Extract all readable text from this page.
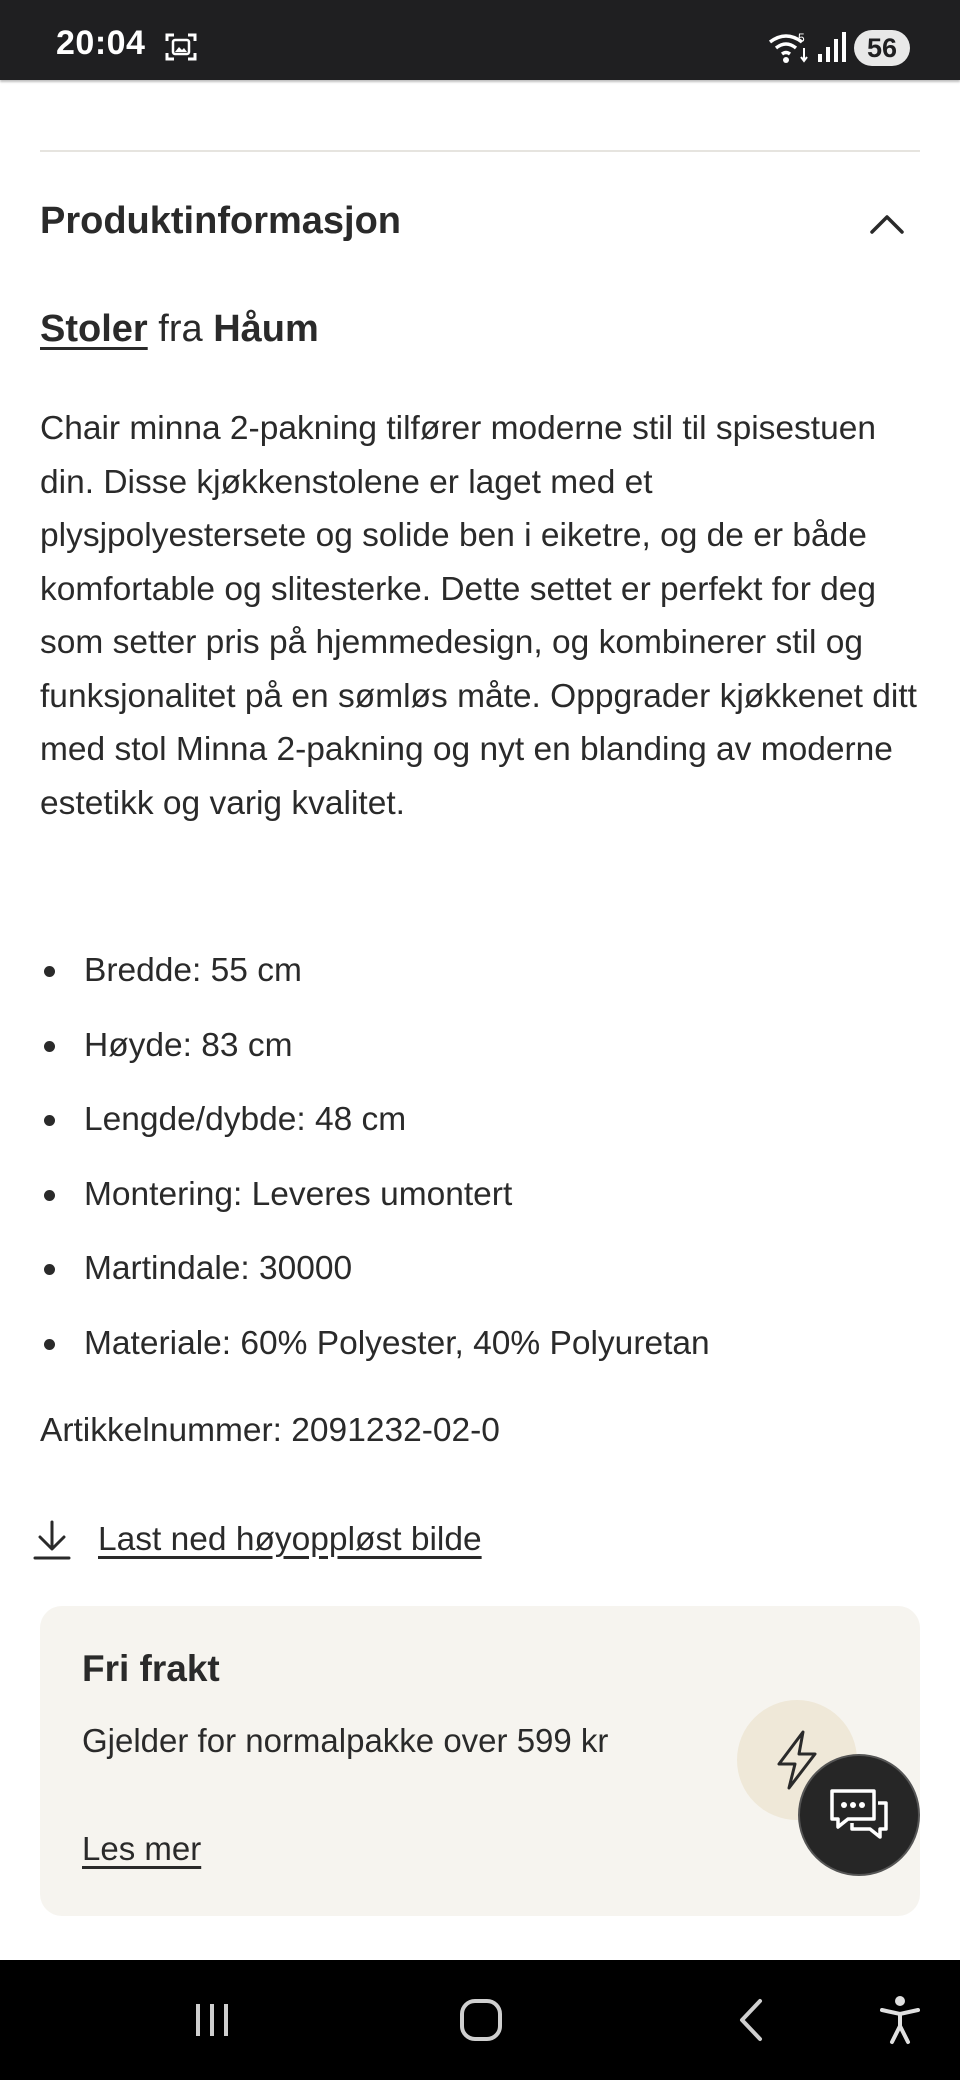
20:04	5	56
Produktinformasjon
Stoler fra Håum
Chair minna 2-pakning tilfører moderne stil til spisestuen din. Disse kjøkkenstolene er laget med et plysjpolyestersete og solide ben i eiketre, og de er både komfortable og slitesterke. Dette settet er perfekt for deg som setter pris på hjemmedesign, og kombinerer stil og funksjonalitet på en sømløs måte. Oppgrader kjøkkenet ditt med stol Minna 2-pakning og nyt en blanding av moderne estetikk og varig kvalitet.
Bredde: 55 cm
Høyde: 83 cm
Lengde/dybde: 48 cm
Montering: Leveres umontert
Martindale: 30000
Materiale: 60% Polyester, 40% Polyuretan
Artikkelnummer: 2091232-02-0
Last ned høyoppløst bilde
Fri frakt
Gjelder for normalpakke over 599 kr
Les mer
